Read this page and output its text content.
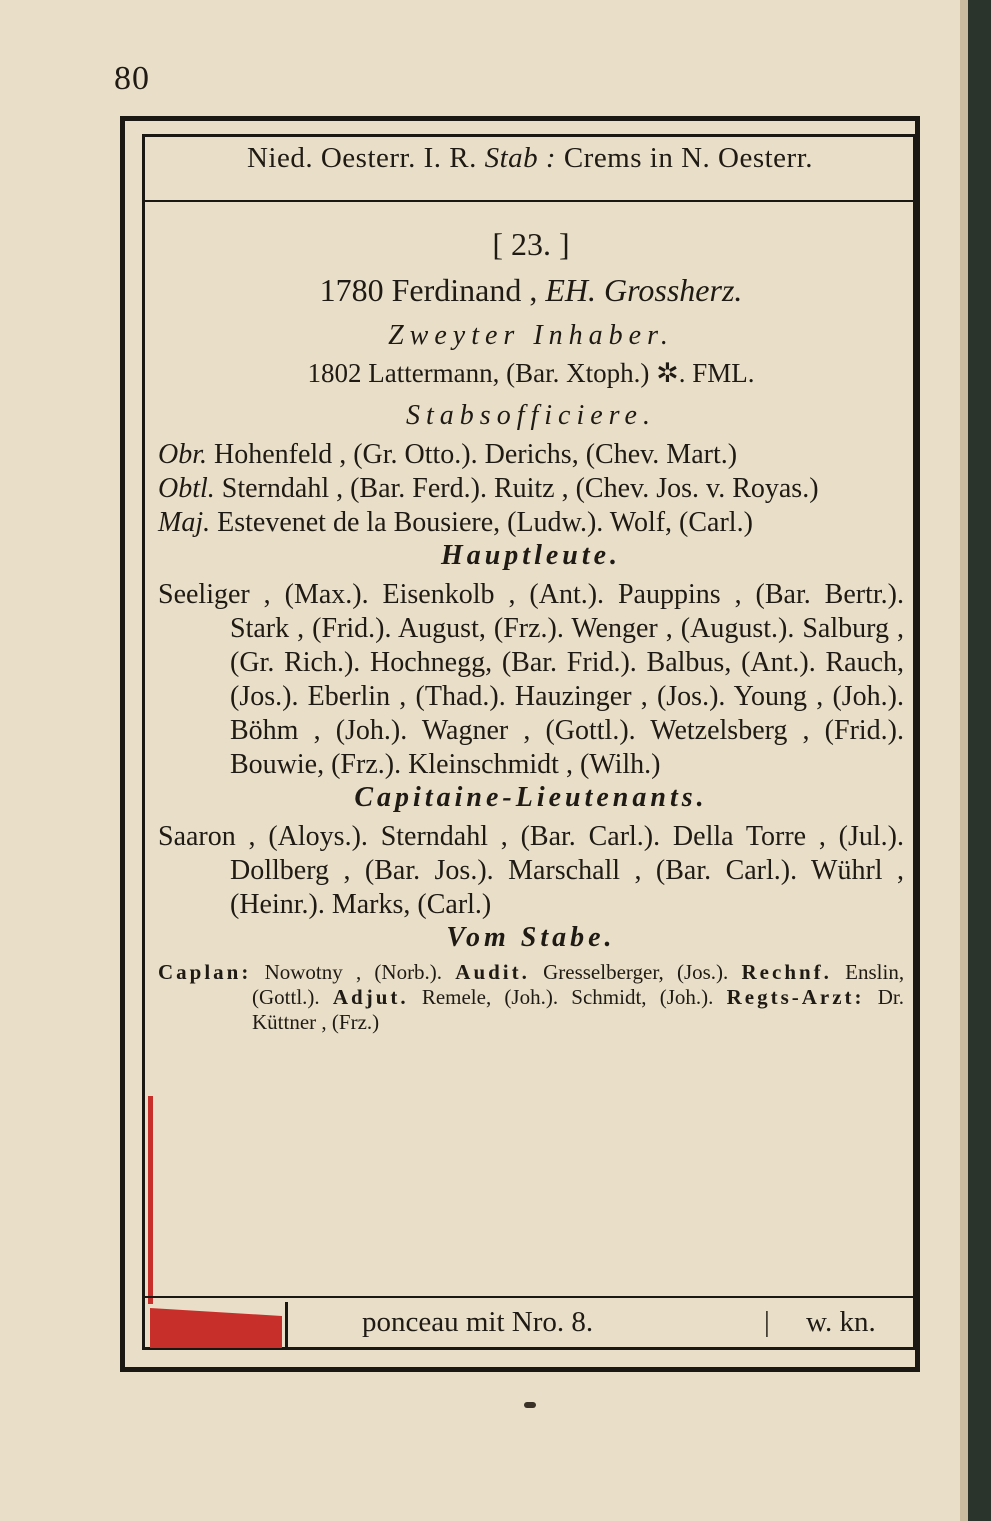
80
Nied. Oesterr. I. R. Stab : Crems in N. Oesterr.
[ 23. ]
1780 Ferdinand , EH. Grossherz.
Zweyter Inhaber.
1802 Lattermann, (Bar. Xtoph.) ✲. FML.
Stabsofficiere.
Obr. Hohenfeld , (Gr. Otto.). Derichs, (Chev. Mart.)
Obtl. Sterndahl , (Bar. Ferd.). Ruitz , (Chev. Jos. v. Royas.)
Maj. Estevenet de la Bousiere, (Ludw.). Wolf, (Carl.)
Hauptleute.
Seeliger , (Max.). Eisenkolb , (Ant.). Pauppins , (Bar. Bertr.). Stark , (Frid.). August, (Frz.). Wenger , (August.). Salburg , (Gr. Rich.). Hochnegg, (Bar. Frid.). Balbus, (Ant.). Rauch, (Jos.). Eberlin , (Thad.). Hauzinger , (Jos.). Young , (Joh.). Böhm , (Joh.). Wagner , (Gottl.). Wetzelsberg , (Frid.). Bouwie, (Frz.). Kleinschmidt , (Wilh.)
Capitaine-Lieutenants.
Saaron , (Aloys.). Sterndahl , (Bar. Carl.). Della Torre , (Jul.). Dollberg , (Bar. Jos.). Marschall , (Bar. Carl.). Wührl , (Heinr.). Marks, (Carl.)
Vom Stabe.
Caplan: Nowotny , (Norb.). Audit. Gresselberger, (Jos.). Rechnf. Enslin, (Gottl.). Adjut. Remele, (Joh.). Schmidt, (Joh.). Regts-Arzt: Dr. Küttner , (Frz.)
ponceau mit Nro. 8.	| w. kn.
